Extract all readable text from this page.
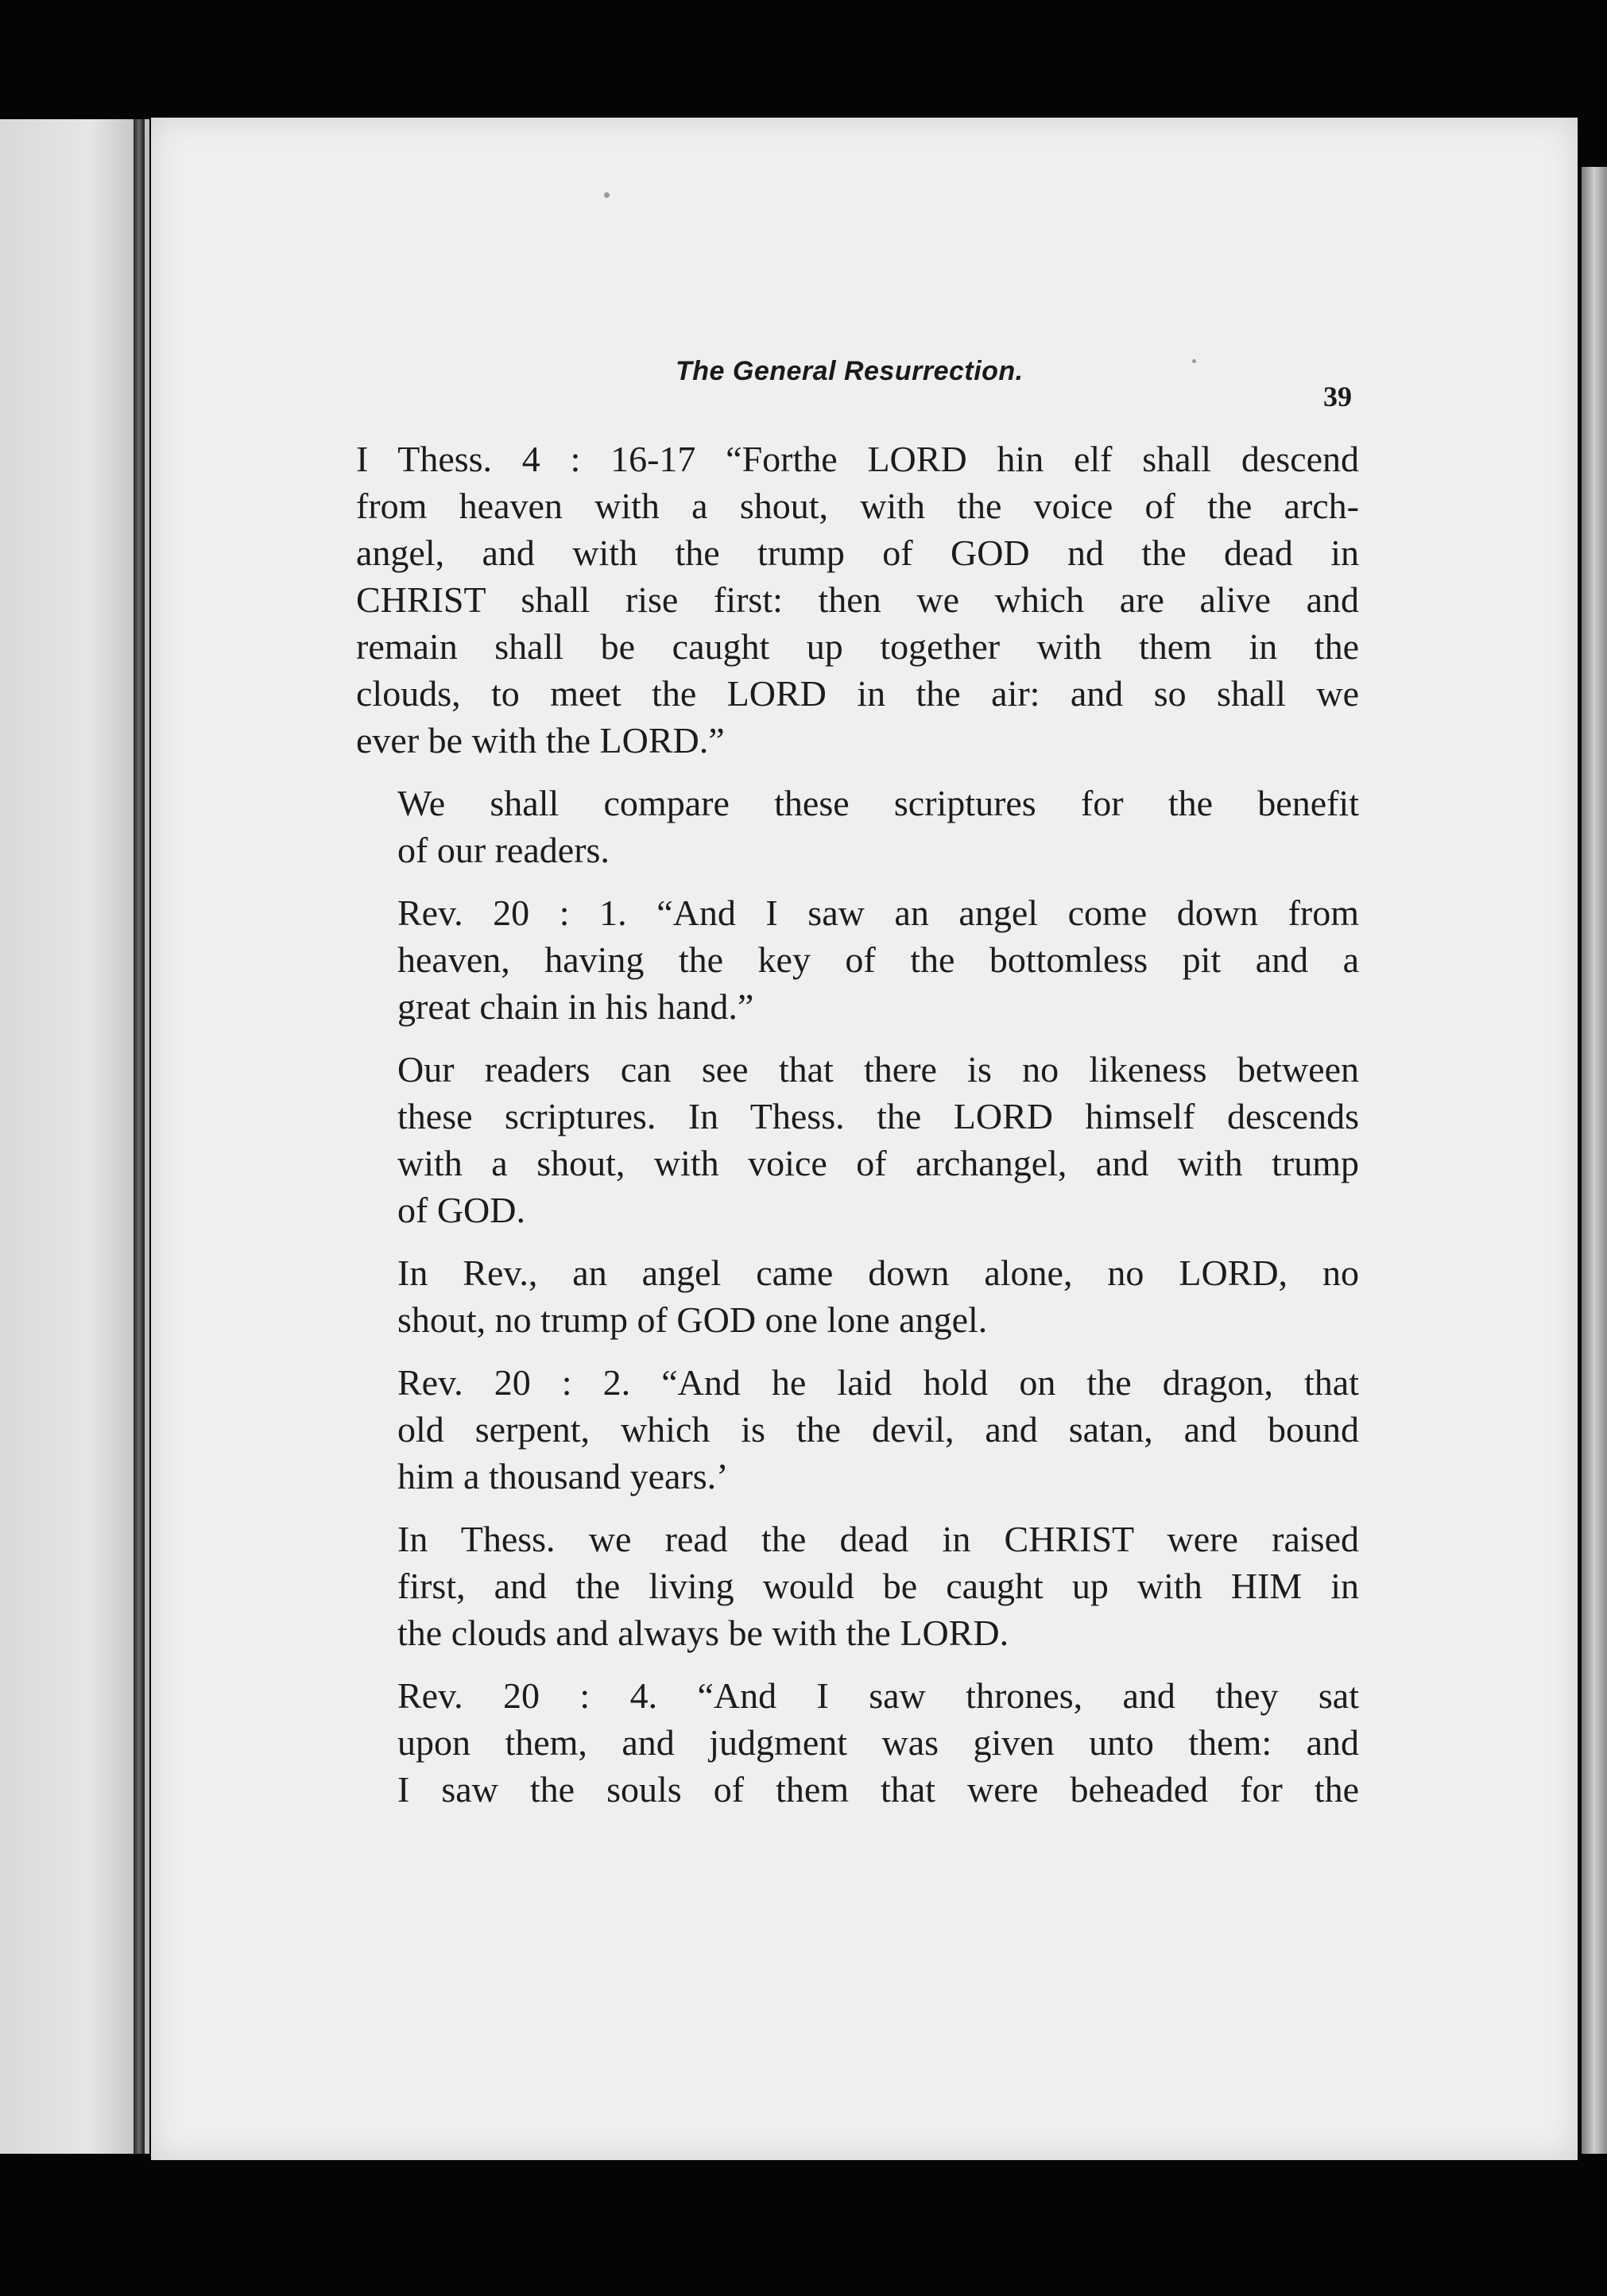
The General Resurrection.
39

I Thess. 4 : 16-17 “Forthe LORD hin elf shall descend
from heaven with a shout, with the voice of the arch-
angel, and with the trump of GOD nd the dead in
CHRIST shall rise first: then we which are alive and
remain shall be caught up together with them in the
clouds, to meet the LORD in the air: and so shall we
ever be with the LORD.”

We shall compare these scriptures for the benefit
of our readers.

Rev. 20 : 1. “And I saw an angel come down from
heaven, having the key of the bottomless pit and a
great chain in his hand.”

Our readers can see that there is no likeness between
these scriptures. In Thess. the LORD himself descends
with a shout, with voice of archangel, and with trump
of GOD.

In Rev., an angel came down alone, no LORD, no
shout, no trump of GOD one lone angel.

Rev. 20 : 2. “And he laid hold on the dragon, that
old serpent, which is the devil, and satan, and bound
him a thousand years.’

In Thess. we read the dead in CHRIST were raised
first, and the living would be caught up with HIM in
the clouds and always be with the LORD.

Rev. 20 : 4. “And I saw thrones, and they sat
upon them, and judgment was given unto them: and
I saw the souls of them that were beheaded for the
